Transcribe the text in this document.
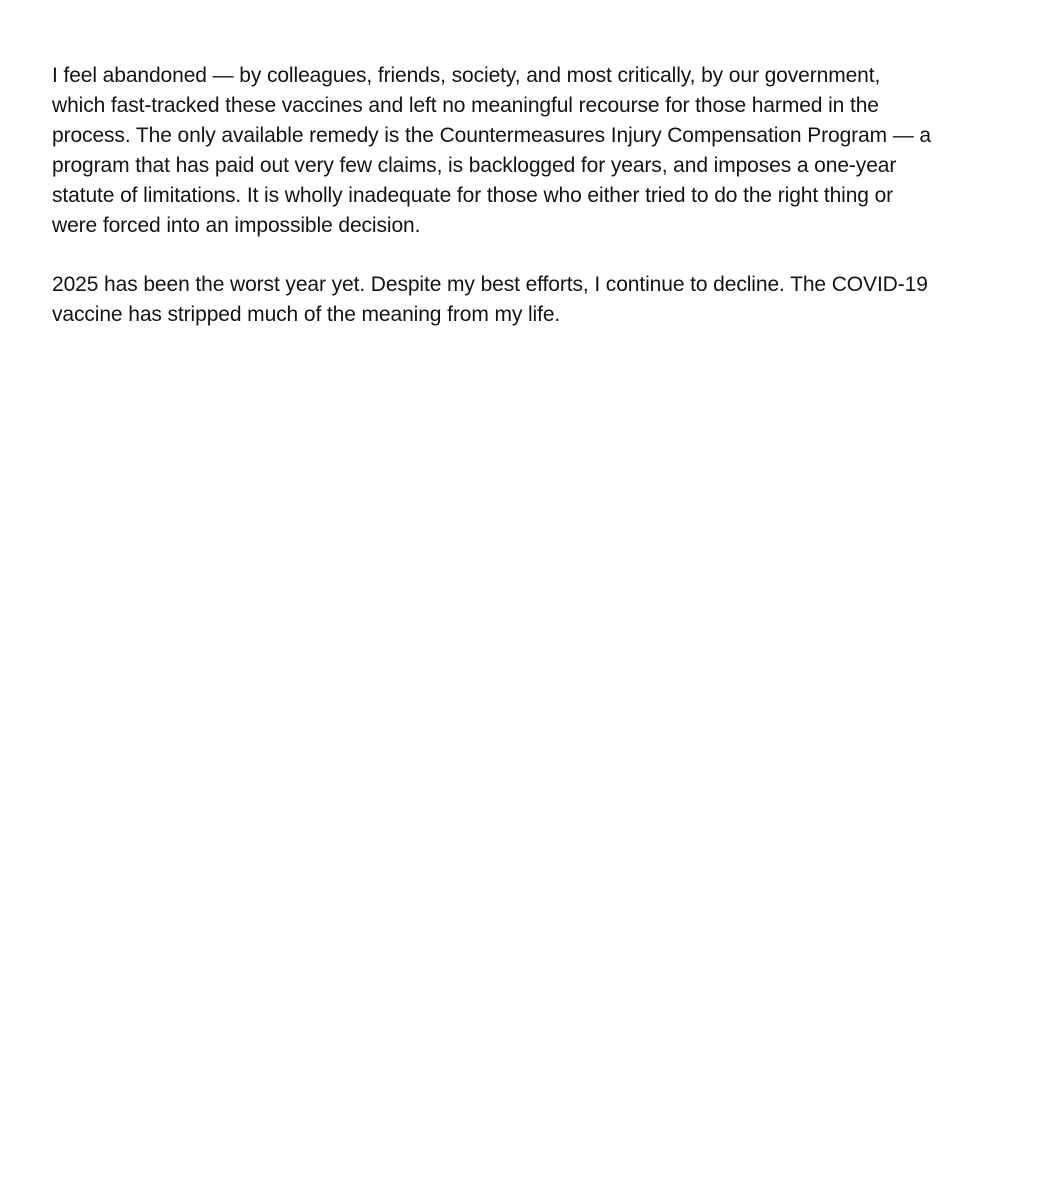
I feel abandoned — by colleagues, friends, society, and most critically, by our government,
which fast-tracked these vaccines and left no meaningful recourse for those harmed in the
process. The only available remedy is the Countermeasures Injury Compensation Program — a
program that has paid out very few claims, is backlogged for years, and imposes a one-year
statute of limitations. It is wholly inadequate for those who either tried to do the right thing or
were forced into an impossible decision.

2025 has been the worst year yet. Despite my best efforts, I continue to decline. The COVID-19
vaccine has stripped much of the meaning from my life.
